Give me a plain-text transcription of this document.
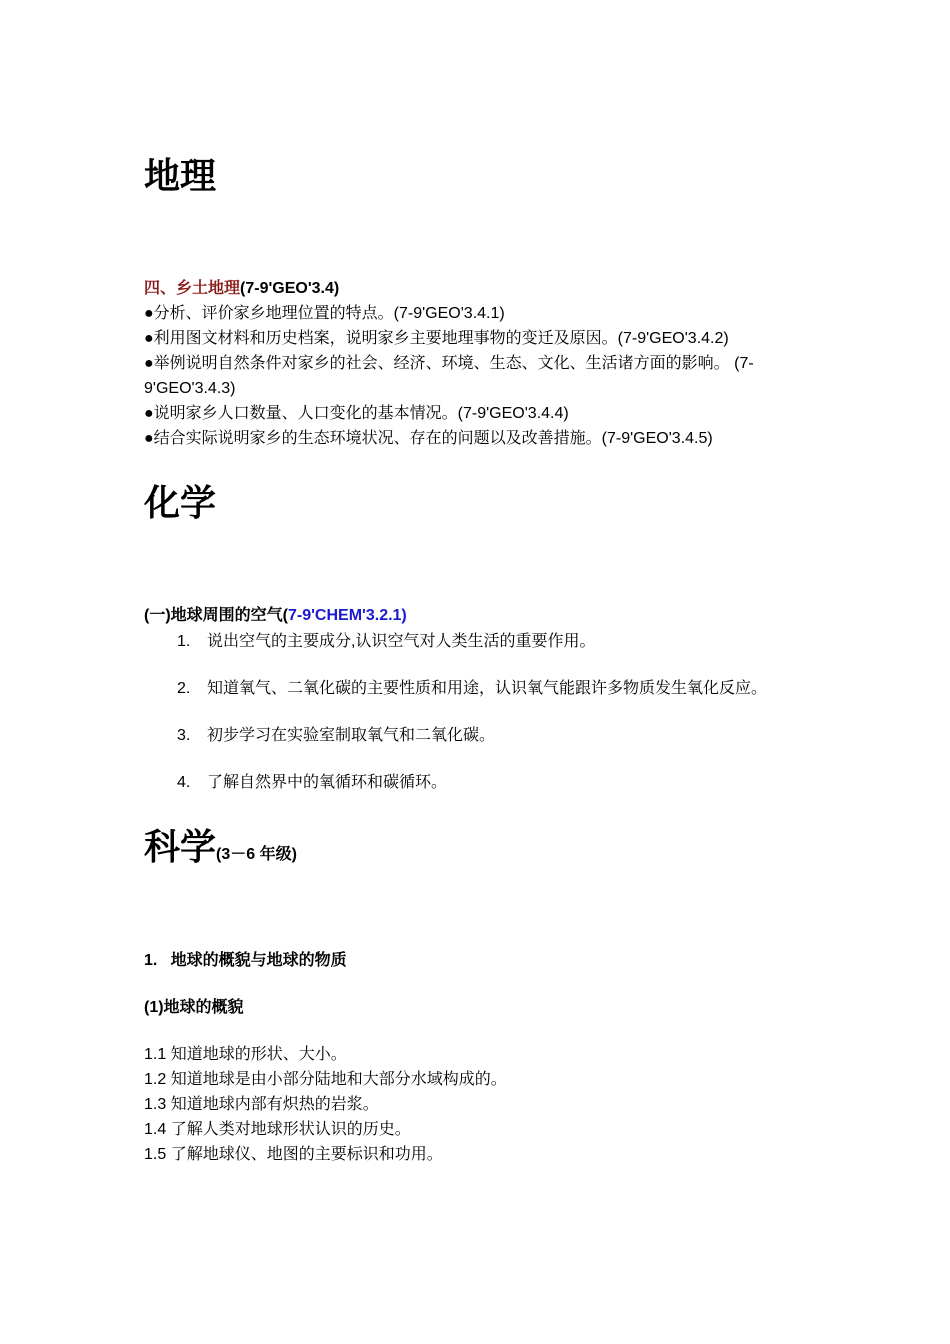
地理
四、乡土地理(7-9'GEO'3.4)
●分析、评价家乡地理位置的特点。(7-9'GEO'3.4.1)
●利用图文材料和历史档案，说明家乡主要地理事物的变迁及原因。(7-9'GEO'3.4.2)
●举例说明自然条件对家乡的社会、经济、环境、生态、文化、生活诸方面的影响。 (7-
9'GEO'3.4.3)
●说明家乡人口数量、人口变化的基本情况。(7-9'GEO'3.4.4)
●结合实际说明家乡的生态环境状况、存在的问题以及改善措施。(7-9'GEO'3.4.5)
化学
(一)地球周围的空气(7-9'CHEM'3.2.1)
1. 说出空气的主要成分,认识空气对人类生活的重要作用。
2. 知道氧气、二氧化碳的主要性质和用途，认识氧气能跟许多物质发生氧化反应。
3. 初步学习在实验室制取氧气和二氧化碳。
4. 了解自然界中的氧循环和碳循环。
科学(3－6 年级)
1.   地球的概貌与地球的物质
(1)地球的概貌
1.1 知道地球的形状、大小。
1.2 知道地球是由小部分陆地和大部分水域构成的。
1.3 知道地球内部有炽热的岩浆。
1.4 了解人类对地球形状认识的历史。
1.5 了解地球仪、地图的主要标识和功用。
